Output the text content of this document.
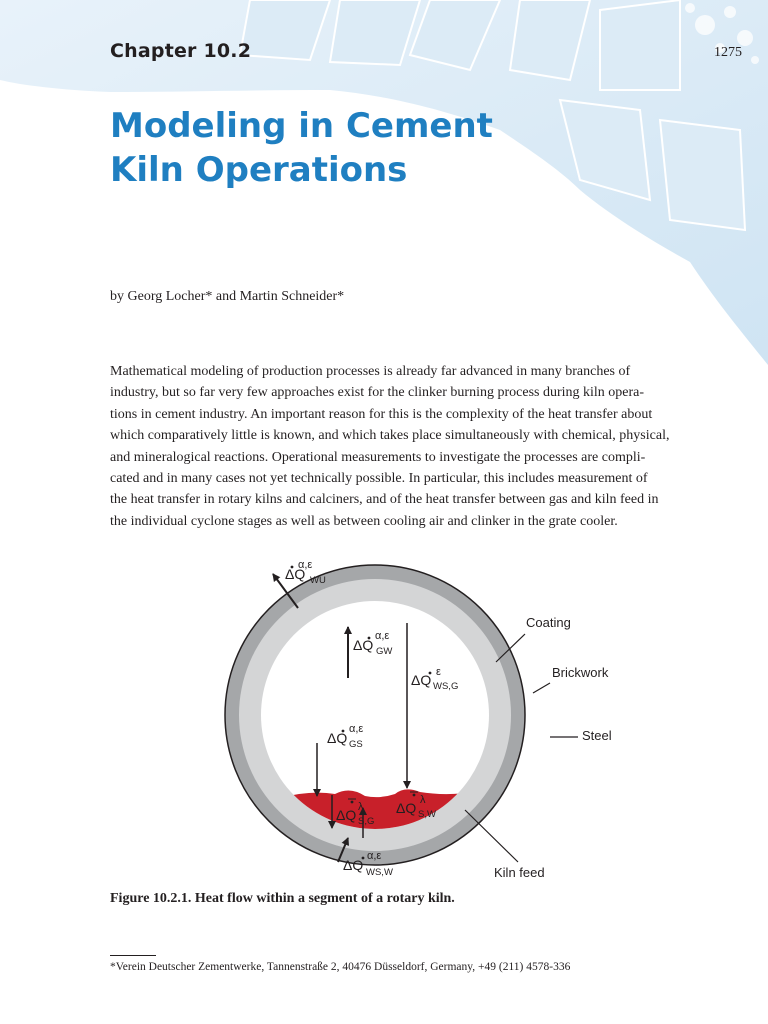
Chapter 10.2	1275
Modeling in Cement
Kiln Operations
by Georg Locher* and Martin Schneider*
Mathematical modeling of production processes is already far advanced in many branches of
industry, but so far very few approaches exist for the clinker burning process during kiln opera-
tions in cement industry. An important reason for this is the complexity of the heat transfer about
which comparatively little is known, and which takes place simultaneously with chemical, physical,
and mineralogical reactions. Operational measurements to investigate the processes are compli-
cated and in many cases not yet technically possible. In particular, this includes measurement of
the heat transfer in rotary kilns and calciners, and of the heat transfer between gas and kiln feed in
the individual cyclone stages as well as between cooling air and clinker in the grate cooler.
Coating
Brickwork
Steel
Kiln feed
ΔQ
α,ε
WU
ΔQ
α,ε
GW
ΔQ ε
WS,G
ΔQ
α,ε
GS
ΔQ λ
S,G
ΔQ λ
S,W
ΔQ
α,ε
WS,W
Figure 10.2.1. Heat flow within a segment of a rotary kiln.
*Verein Deutscher Zementwerke, Tannenstraße 2, 40476 Düsseldorf, Germany, +49 (211) 4578-336
